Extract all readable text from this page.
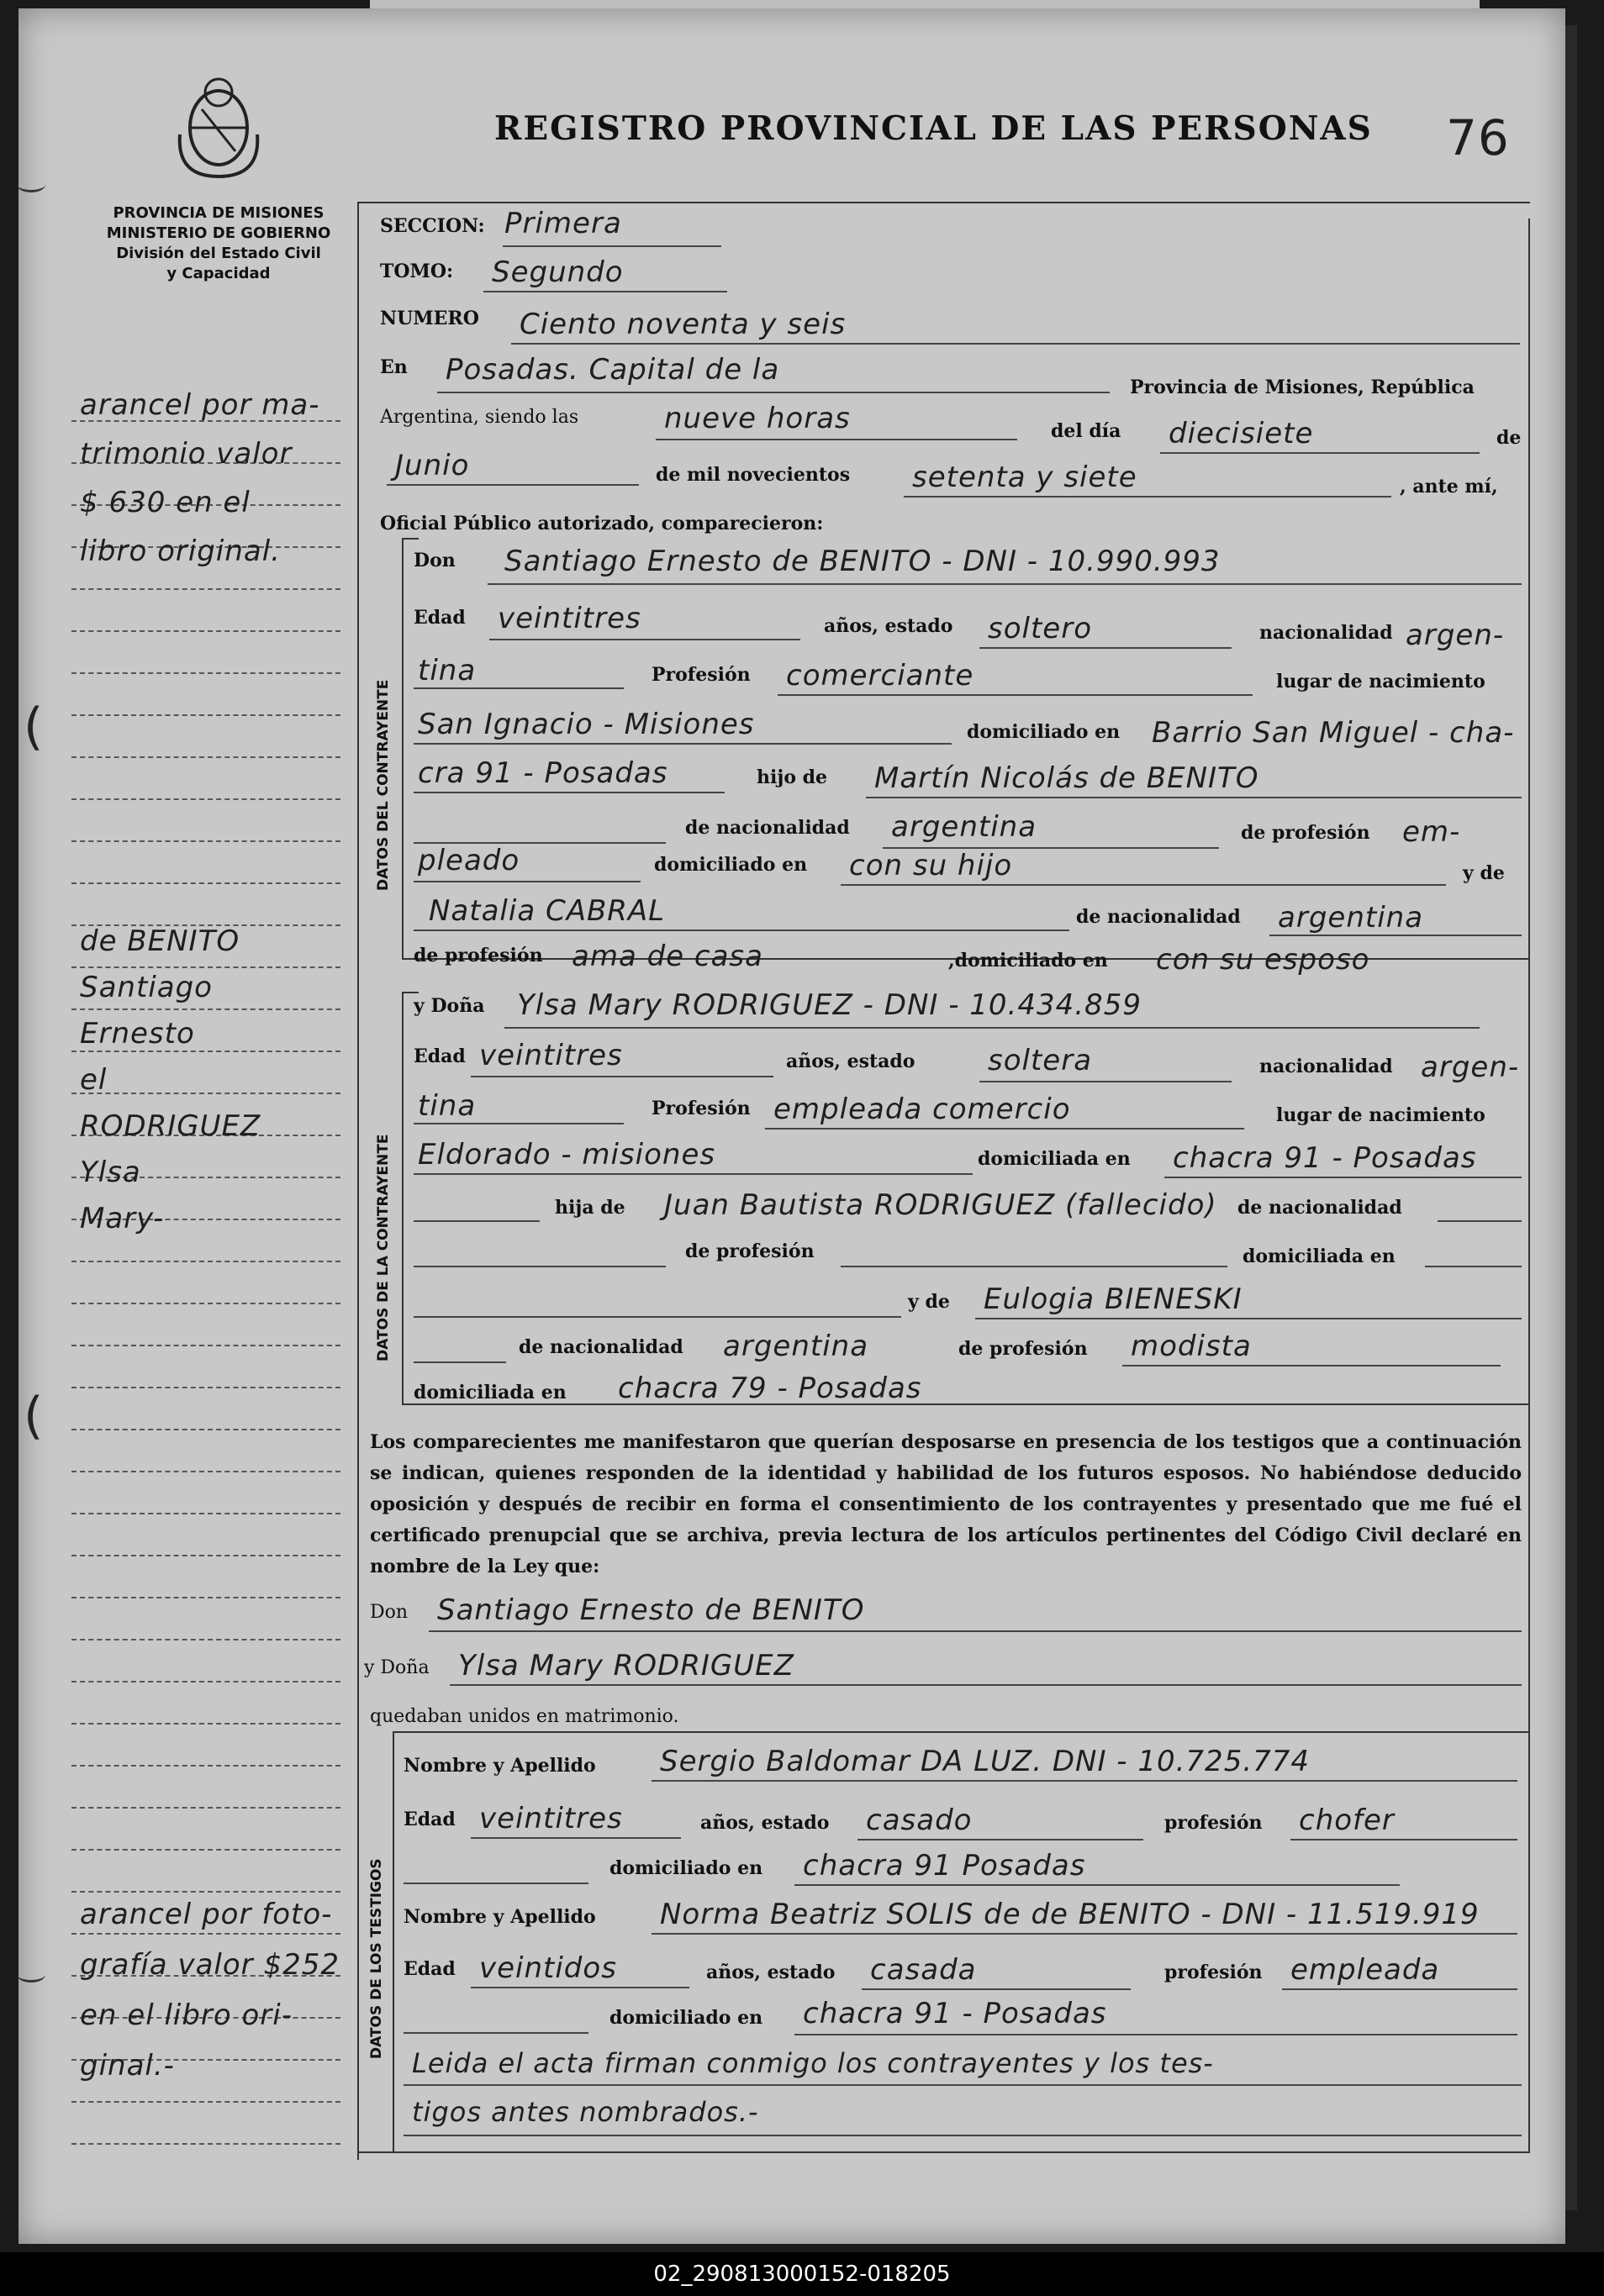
(
(
PROVINCIA DE MISIONES
MINISTERIO DE GOBIERNO
División del Estado Civil
y Capacidad
REGISTRO PROVINCIAL DE LAS PERSONAS 76
DATOS DEL CONTRAYENTE
DATOS DE LA CONTRAYENTE
DATOS DE LOS TESTIGOS
arancel por ma-
trimonio valor
$ 630 en el
libro original.
de BENITO
Santiago
Ernesto
el
RODRIGUEZ
Ylsa
Mary-
arancel por foto-
grafía valor $252
en el libro ori-
ginal.-
SECCION: Primera
TOMO: Segundo
NUMERO Ciento noventa y seis
En Posadas. Capital de la
Provincia de Misiones, República
Argentina, siendo las	nueve horas	del día diecisiete	de
Junio	de mil novecientos setenta y siete	, ante mí,
Oficial Público autorizado, comparecieron:
Don Santiago Ernesto de BENITO - DNI - 10.990.993
Edad veintitres	años, estado soltero	nacionalidad argen-
tina	Profesión comerciante	lugar de nacimiento
San Ignacio - Misiones	domiciliado en Barrio San Miguel - cha-
cra 91 - Posadas	hijo de Martín Nicolás de BENITO
de nacionalidad argentina	de profesión em-
pleado	domiciliado en con su hijo	y de
Natalia CABRAL	de nacionalidad argentina
de profesión ama de casa	,domiciliado en con su esposo
y Doña Ylsa Mary RODRIGUEZ - DNI - 10.434.859
Edad veintitres	años, estado	soltera	nacionalidad argen-
tina	Profesión empleada comercio	lugar de nacimiento
Eldorado - misiones	domiciliada en chacra 91 - Posadas
hija de Juan Bautista RODRIGUEZ (fallecido) de nacionalidad
de profesión	domiciliada en
y de Eulogia BIENESKI
de nacionalidad argentina	de profesión modista
domiciliada en chacra 79 - Posadas
Los comparecientes me manifestaron que querían desposarse en presencia de los testigos que a continuación se indican, quienes responden de la identidad y habilidad de los futuros esposos. No habiéndose deducido oposición y después de recibir en forma el consentimiento de los contrayentes y presentado que me fué el certificado prenupcial que se archiva, previa lectura de los artículos pertinentes del Código Civil declaré en nombre de la Ley que:
Don Santiago Ernesto de BENITO
y Doña Ylsa Mary RODRIGUEZ
quedaban unidos en matrimonio.
Nombre y Apellido Sergio Baldomar DA LUZ. DNI - 10.725.774
Edad veintitres	años, estado casado	profesión chofer
domiciliado en chacra 91 Posadas
Nombre y Apellido Norma Beatriz SOLIS de de BENITO - DNI - 11.519.919
Edad veintidos	años, estado casada	profesión empleada
domiciliado en chacra 91 - Posadas
Leida el acta firman conmigo los contrayentes y los tes-
tigos antes nombrados.-
02_290813000152-018205
